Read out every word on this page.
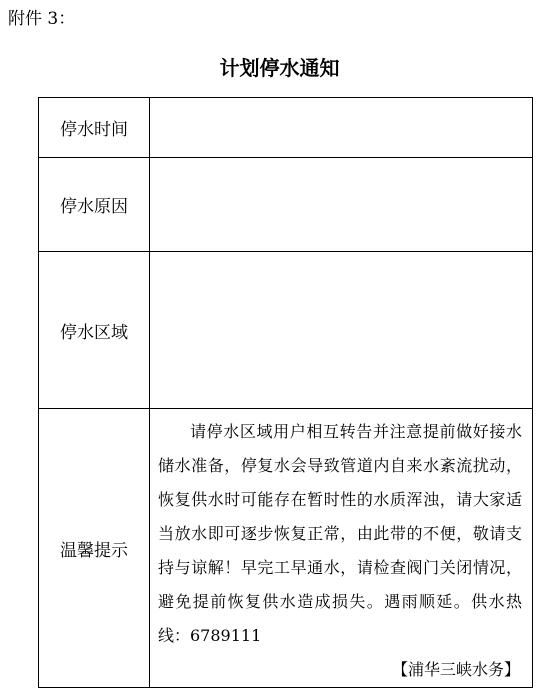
附件 3：
计划停水通知
停水时间	
停水原因	
停水区域	
温馨提示	请停水区域用户相互转告并注意提前做好接水储水准备，停复水会导致管道内自来水紊流扰动，恢复供水时可能存在暂时性的水质浑浊，请大家适当放水即可逐步恢复正常，由此带的不便，敬请支持与谅解！早完工早通水，请检查阀门关闭情况，避免提前恢复供水造成损失。遇雨顺延。供水热线：6789111
【浦华三峡水务】
